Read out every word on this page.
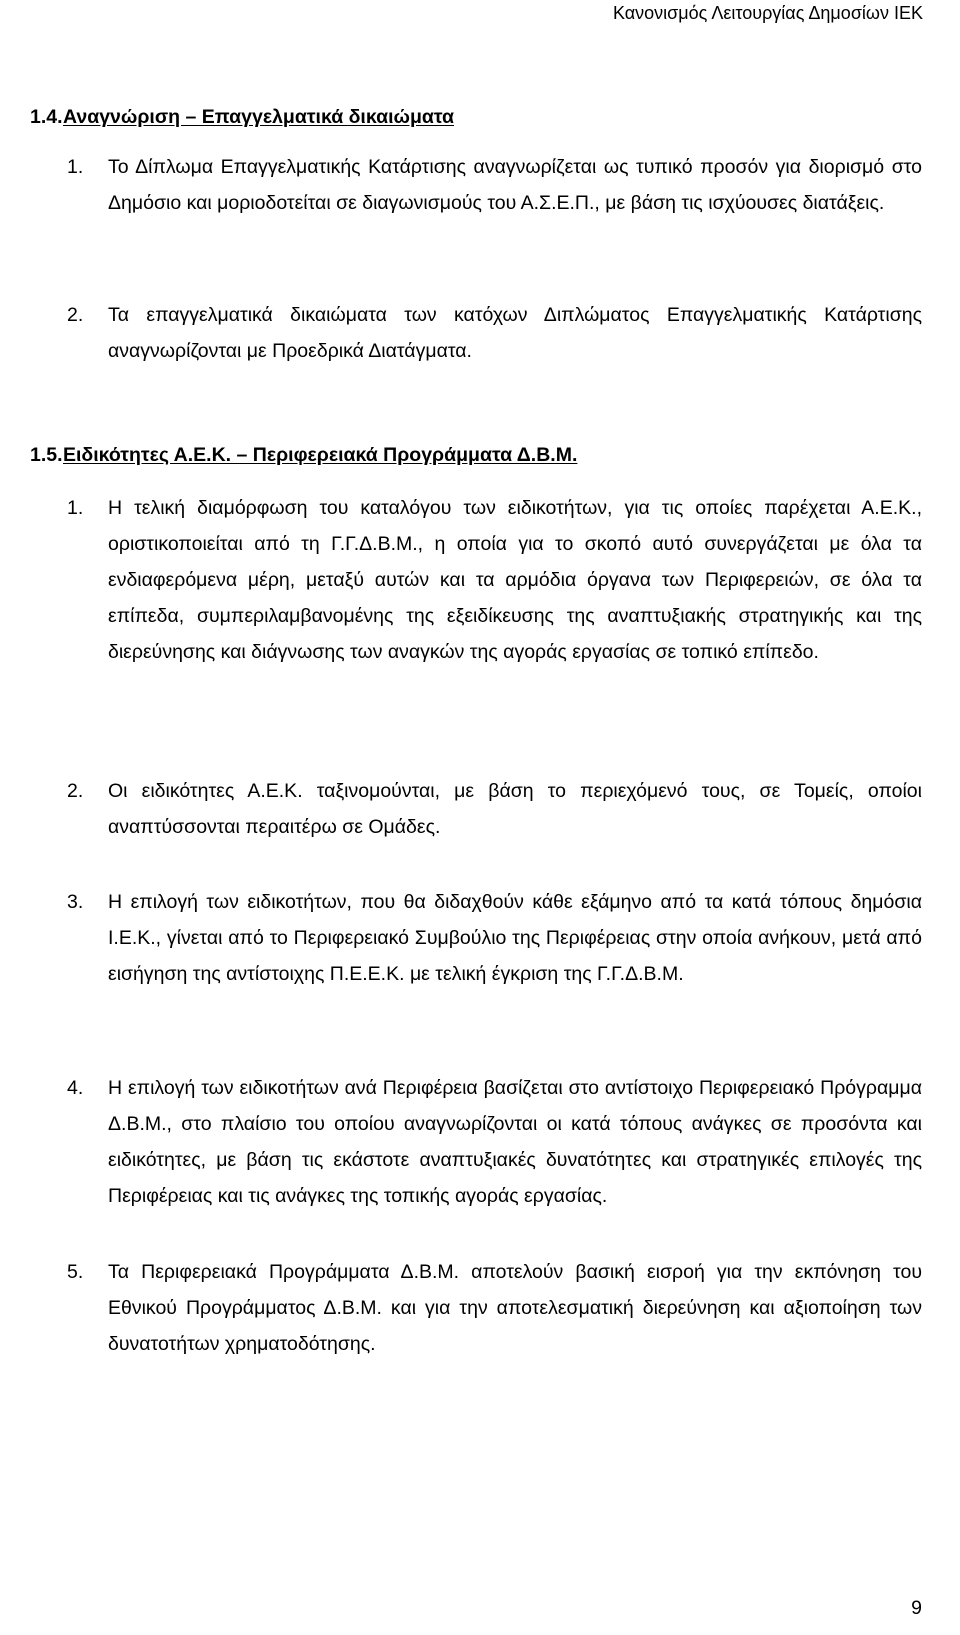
Κανονισμός Λειτουργίας Δημοσίων ΙΕΚ
1.4.Αναγνώριση – Επαγγελματικά δικαιώματα
1.	Το Δίπλωμα Επαγγελματικής Κατάρτισης αναγνωρίζεται ως τυπικό προσόν για διορισμό στο Δημόσιο και μοριοδοτείται σε διαγωνισμούς του Α.Σ.Ε.Π., με βάση τις ισχύουσες διατάξεις.
2.	Τα επαγγελματικά δικαιώματα των κατόχων Διπλώματος Επαγγελματικής Κατάρτισης αναγνωρίζονται με Προεδρικά Διατάγματα.
1.5.Ειδικότητες Α.Ε.Κ. – Περιφερειακά Προγράμματα Δ.Β.Μ.
1.	Η τελική διαμόρφωση του καταλόγου των ειδικοτήτων, για τις οποίες παρέχεται Α.Ε.Κ., οριστικοποιείται από τη Γ.Γ.Δ.Β.Μ., η οποία για το σκοπό αυτό συνεργάζεται με όλα τα ενδιαφερόμενα μέρη, μεταξύ αυτών και τα αρμόδια όργανα των Περιφερειών, σε όλα τα επίπεδα, συμπεριλαμβανομένης της εξειδίκευσης της αναπτυξιακής στρατηγικής και της διερεύνησης και διάγνωσης των αναγκών της αγοράς εργασίας σε τοπικό επίπεδο.
2.	Οι ειδικότητες Α.Ε.Κ. ταξινομούνται, με βάση το περιεχόμενό τους, σε Τομείς, οποίοι αναπτύσσονται περαιτέρω σε Ομάδες.
3.	Η επιλογή των ειδικοτήτων, που θα διδαχθούν κάθε εξάμηνο από τα κατά τόπους δημόσια Ι.Ε.Κ., γίνεται από το Περιφερειακό Συμβούλιο της Περιφέρειας στην οποία ανήκουν, μετά από εισήγηση της αντίστοιχης Π.Ε.Ε.Κ. με τελική έγκριση της Γ.Γ.Δ.Β.Μ.
4.	Η επιλογή των ειδικοτήτων ανά Περιφέρεια βασίζεται στο αντίστοιχο Περιφερειακό Πρόγραμμα Δ.Β.Μ., στο πλαίσιο του οποίου αναγνωρίζονται οι κατά τόπους ανάγκες σε προσόντα και ειδικότητες, με βάση τις εκάστοτε αναπτυξιακές δυνατότητες και στρατηγικές επιλογές της Περιφέρειας και τις ανάγκες της τοπικής αγοράς εργασίας.
5.	Τα Περιφερειακά Προγράμματα Δ.Β.Μ. αποτελούν βασική εισροή για την εκπόνηση του Εθνικού Προγράμματος Δ.Β.Μ. και για την αποτελεσματική διερεύνηση και αξιοποίηση των δυνατοτήτων χρηματοδότησης.
9
